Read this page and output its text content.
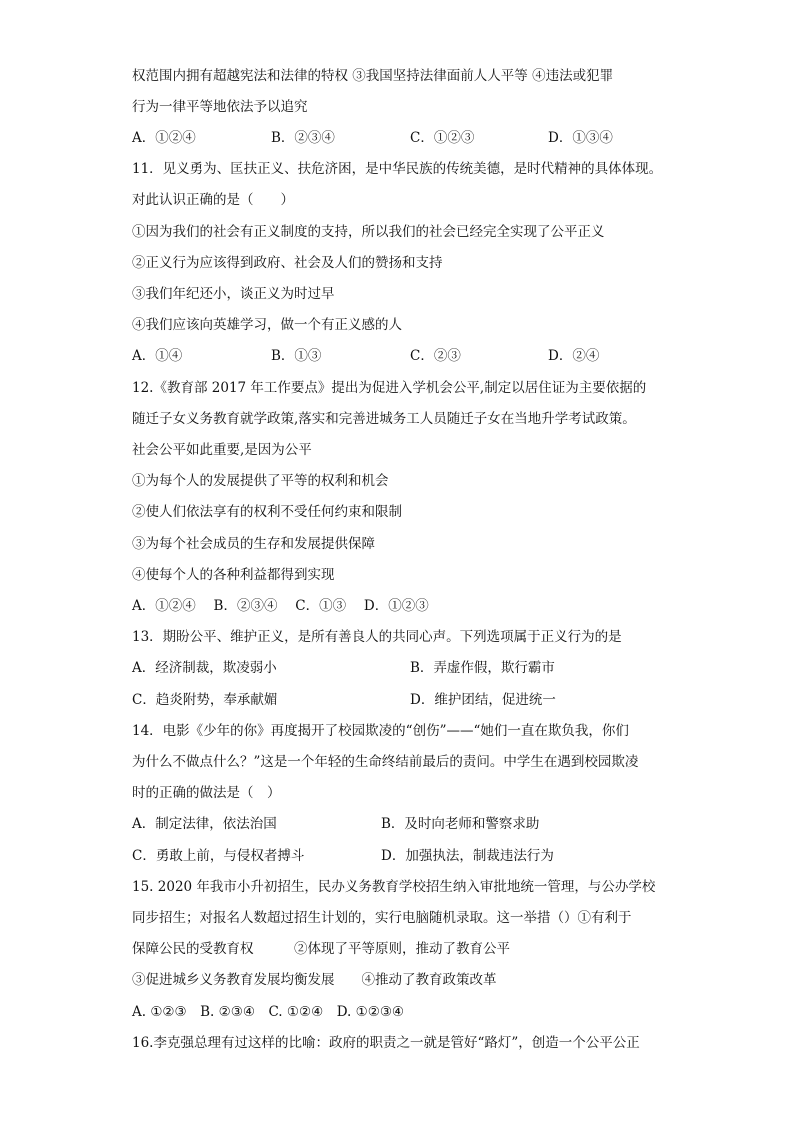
权范围内拥有超越宪法和法律的特权 ③我国坚持法律面前人人平等 ④违法或犯罪
行为一律平等地依法予以追究
A．①②④	B．②③④	C．①②③	D．①③④
11．见义勇为、匡扶正义、扶危济困，是中华民族的传统美德，是时代精神的具体体现。
对此认识正确的是（　　）
①因为我们的社会有正义制度的支持，所以我们的社会已经完全实现了公平正义
②正义行为应该得到政府、社会及人们的赞扬和支持
③我们年纪还小，谈正义为时过早
④我们应该向英雄学习，做一个有正义感的人
A．①④	B．①③	C．②③	D．②④
12.《教育部 2017 年工作要点》提出为促进入学机会公平,制定以居住证为主要依据的
随迁子女义务教育就学政策,落实和完善进城务工人员随迁子女在当地升学考试政策。
社会公平如此重要,是因为公平
①为每个人的发展提供了平等的权利和机会
②使人们依法享有的权利不受任何约束和限制
③为每个社会成员的生存和发展提供保障
④使每个人的各种利益都得到实现
A．①②④　 B．②③④　 C．①③　 D．①②③
13．期盼公平、维护正义，是所有善良人的共同心声。下列选项属于正义行为的是
A．经济制裁，欺凌弱小	B．弄虚作假，欺行霸市
C．趋炎附势，奉承献媚	D．维护团结，促进统一
14．电影《少年的你》再度揭开了校园欺凌的“创伤”——“她们一直在欺负我，你们
为什么不做点什么？”这是一个年轻的生命终结前最后的责问。中学生在遇到校园欺凌
时的正确的做法是（　）
A．制定法律，依法治国	B．及时向老师和警察求助
C．勇敢上前，与侵权者搏斗	D．加强执法，制裁违法行为
15. 2020 年我市小升初招生，民办义务教育学校招生纳入审批地统一管理，与公办学校
同步招生；对报名人数超过招生计划的，实行电脑随机录取。这一举措（）①有利于
保障公民的受教育权　　　②体现了平等原则，推动了教育公平
③促进城乡义务教育发展均衡发展　　④推动了教育政策改革
A. ①②③　B. ②③④　C. ①②④　D. ①②③④
16.李克强总理有过这样的比喻：政府的职责之一就是管好“路灯”，创造一个公平公正
